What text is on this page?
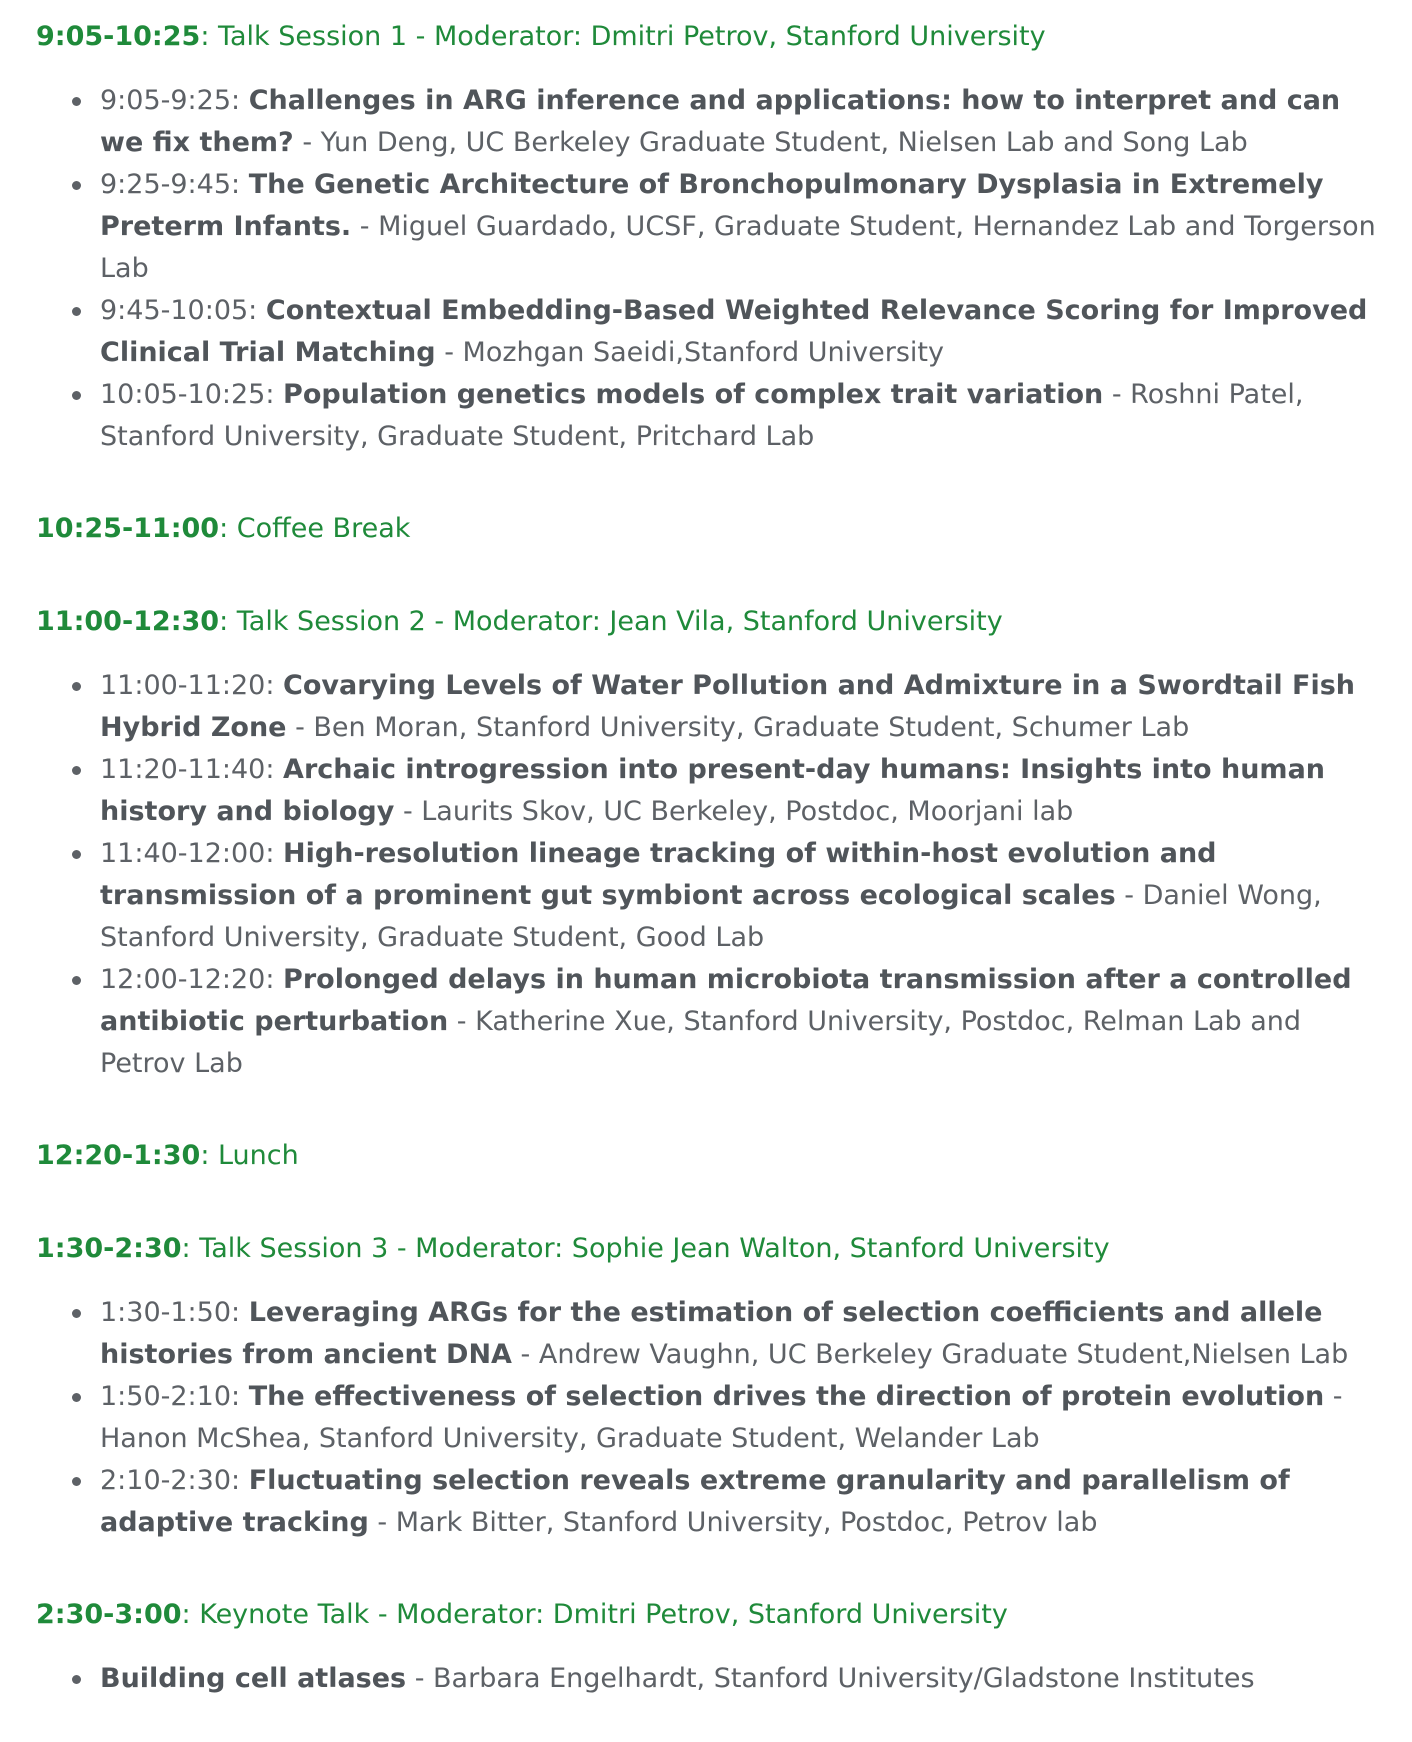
9:05-10:25: Talk Session 1 - Moderator: Dmitri Petrov, Stanford University

9:05-9:25: Challenges in ARG inference and applications: how to interpret and can we fix them? - Yun Deng, UC Berkeley Graduate Student, Nielsen Lab and Song Lab
9:25-9:45: The Genetic Architecture of Bronchopulmonary Dysplasia in Extremely Preterm Infants. - Miguel Guardado, UCSF, Graduate Student, Hernandez Lab and Torgerson Lab
9:45-10:05: Contextual Embedding-Based Weighted Relevance Scoring for Improved Clinical Trial Matching - Mozhgan Saeidi,Stanford University
10:05-10:25: Population genetics models of complex trait variation - Roshni Patel, Stanford University, Graduate Student, Pritchard Lab

10:25-11:00: Coffee Break

11:00-12:30: Talk Session 2 - Moderator: Jean Vila, Stanford University

11:00-11:20: Covarying Levels of Water Pollution and Admixture in a Swordtail Fish Hybrid Zone - Ben Moran, Stanford University, Graduate Student, Schumer Lab
11:20-11:40: Archaic introgression into present-day humans: Insights into human history and biology - Laurits Skov, UC Berkeley, Postdoc, Moorjani lab
11:40-12:00: High-resolution lineage tracking of within-host evolution and transmission of a prominent gut symbiont across ecological scales - Daniel Wong, Stanford University, Graduate Student, Good Lab
12:00-12:20: Prolonged delays in human microbiota transmission after a controlled antibiotic perturbation - Katherine Xue, Stanford University, Postdoc, Relman Lab and Petrov Lab

12:20-1:30: Lunch

1:30-2:30: Talk Session 3 - Moderator: Sophie Jean Walton, Stanford University

1:30-1:50: Leveraging ARGs for the estimation of selection coefficients and allele histories from ancient DNA - Andrew Vaughn, UC Berkeley Graduate Student,Nielsen Lab
1:50-2:10: The effectiveness of selection drives the direction of protein evolution - Hanon McShea, Stanford University, Graduate Student, Welander Lab
2:10-2:30: Fluctuating selection reveals extreme granularity and parallelism of adaptive tracking - Mark Bitter, Stanford University, Postdoc, Petrov lab

2:30-3:00: Keynote Talk - Moderator: Dmitri Petrov, Stanford University

Building cell atlases - Barbara Engelhardt, Stanford University/Gladstone Institutes
